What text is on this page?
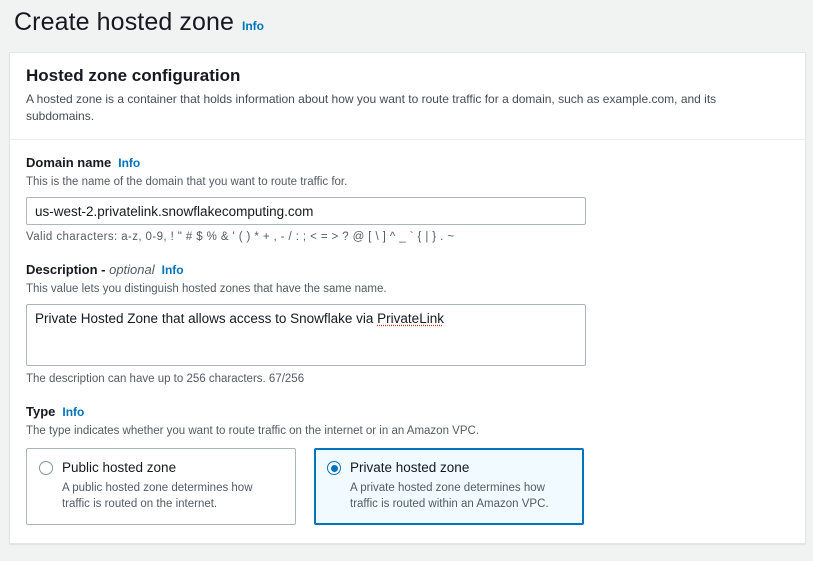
Create hosted zone Info
Hosted zone configuration
A hosted zone is a container that holds information about how you want to route traffic for a domain, such as example.com, and its subdomains.
Domain name Info
This is the name of the domain that you want to route traffic for.
us-west-2.privatelink.snowflakecomputing.com
Valid characters: a-z, 0-9, ! " # $ % & ' ( ) * + , - / : ; < = > ? @ [ \ ] ^ _ ` { | } . ~
Description - optional Info
This value lets you distinguish hosted zones that have the same name.
Private Hosted Zone that allows access to Snowflake via PrivateLink
The description can have up to 256 characters. 67/256
Type Info
The type indicates whether you want to route traffic on the internet or in an Amazon VPC.
Public hosted zone
A public hosted zone determines how traffic is routed on the internet.
Private hosted zone
A private hosted zone determines how traffic is routed within an Amazon VPC.
